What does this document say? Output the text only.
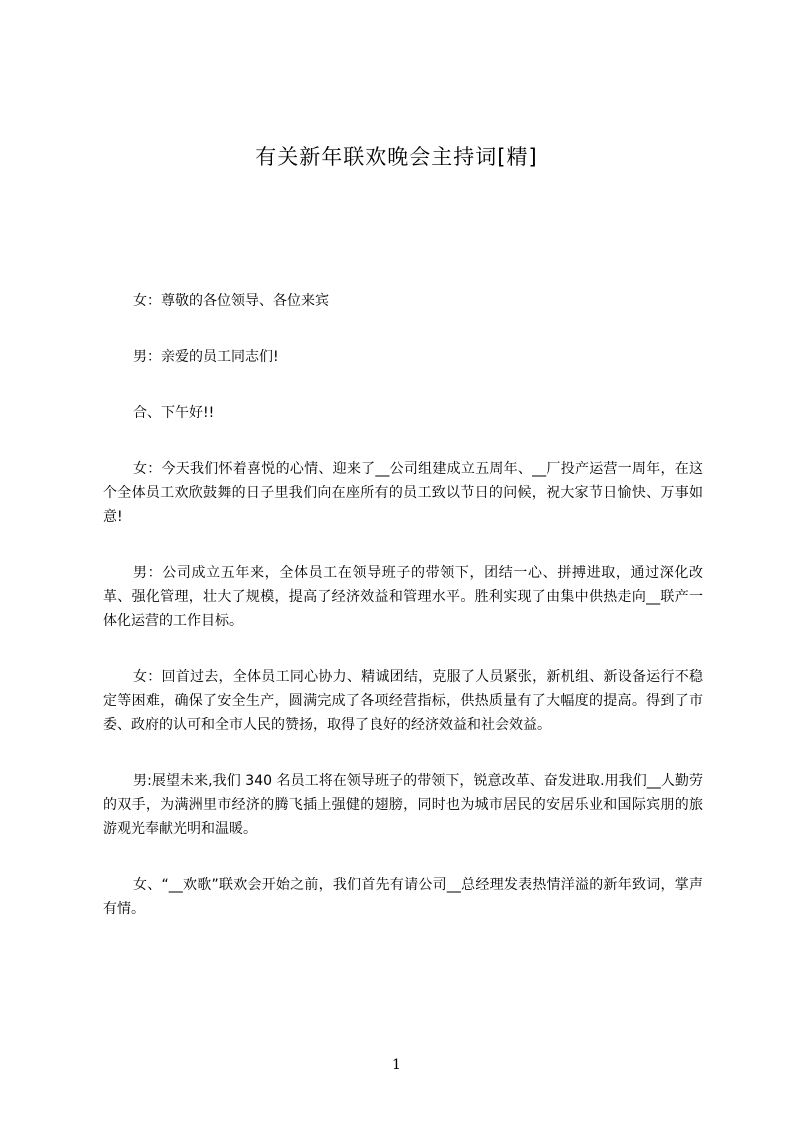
有关新年联欢晚会主持词[精]

女：尊敬的各位领导、各位来宾

男：亲爱的员工同志们!

合、下午好!!

女：今天我们怀着喜悦的心情、迎来了__公司组建成立五周年、__厂投产运营一周年，在这个全体员工欢欣鼓舞的日子里我们向在座所有的员工致以节日的问候，祝大家节日愉快、万事如意!

男：公司成立五年来，全体员工在领导班子的带领下，团结一心、拼搏进取，通过深化改革、强化管理，壮大了规模，提高了经济效益和管理水平。胜利实现了由集中供热走向__联产一体化运营的工作目标。

女：回首过去，全体员工同心协力、精诚团结，克服了人员紧张，新机组、新设备运行不稳定等困难，确保了安全生产，圆满完成了各项经营指标，供热质量有了大幅度的提高。得到了市委、政府的认可和全市人民的赞扬，取得了良好的经济效益和社会效益。

男:展望未来,我们 340 名员工将在领导班子的带领下，锐意改革、奋发进取.用我们__人勤劳的双手，为满洲里市经济的腾飞插上强健的翅膀，同时也为城市居民的安居乐业和国际宾朋的旅游观光奉献光明和温暖。

女、“__欢歌”联欢会开始之前，我们首先有请公司__总经理发表热情洋溢的新年致词，掌声有情。

1
